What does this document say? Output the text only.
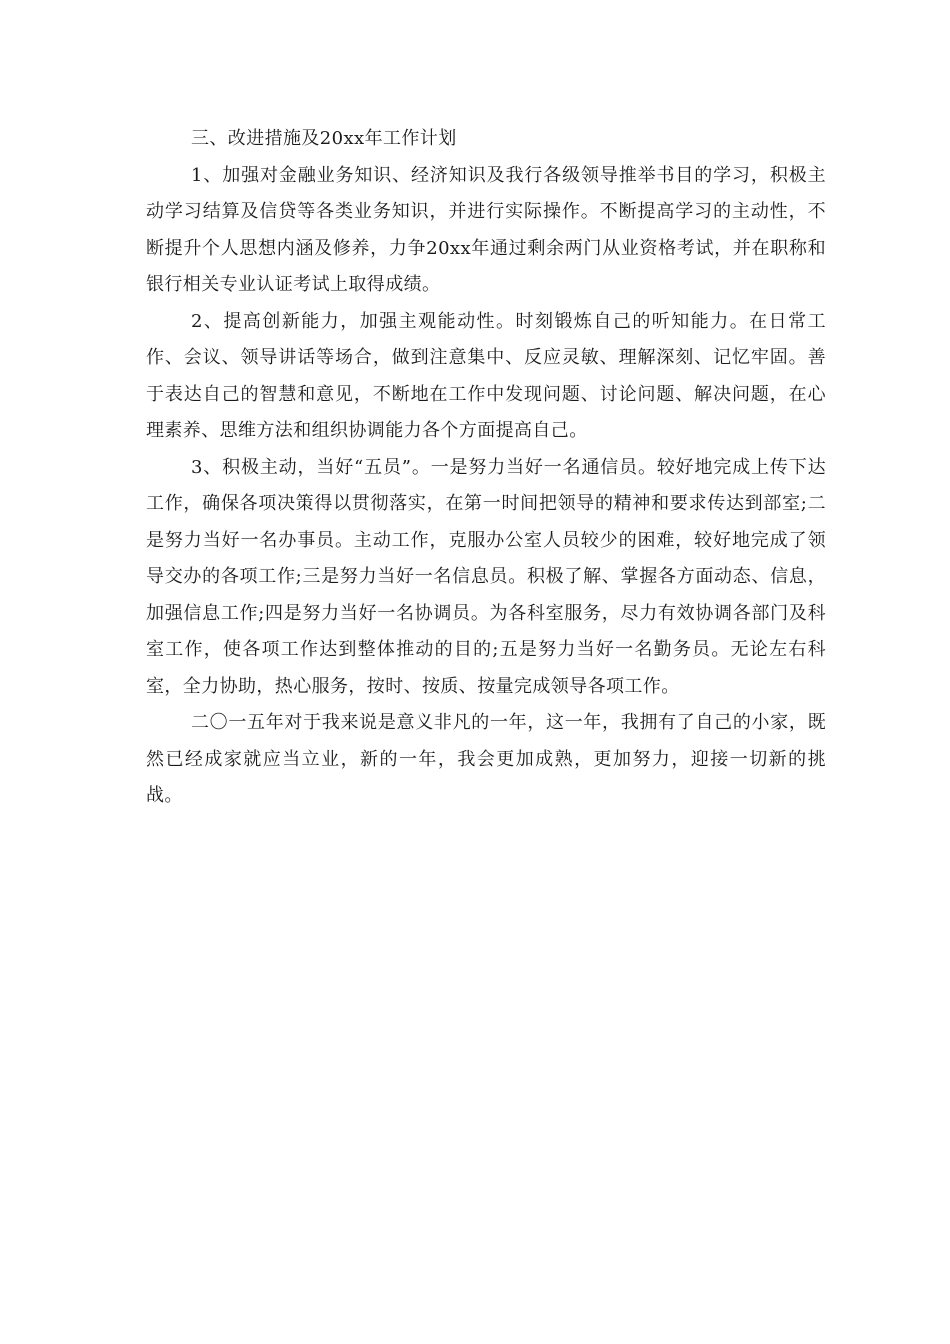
三、改进措施及20xx年工作计划

1、加强对金融业务知识、经济知识及我行各级领导推举书目的学习，积极主动学习结算及信贷等各类业务知识，并进行实际操作。不断提高学习的主动性，不断提升个人思想内涵及修养，力争20xx年通过剩余两门从业资格考试，并在职称和银行相关专业认证考试上取得成绩。

2、提高创新能力，加强主观能动性。时刻锻炼自己的听知能力。在日常工作、会议、领导讲话等场合，做到注意集中、反应灵敏、理解深刻、记忆牢固。善于表达自己的智慧和意见，不断地在工作中发现问题、讨论问题、解决问题，在心理素养、思维方法和组织协调能力各个方面提高自己。

3、积极主动，当好“五员”。一是努力当好一名通信员。较好地完成上传下达工作，确保各项决策得以贯彻落实，在第一时间把领导的精神和要求传达到部室;二是努力当好一名办事员。主动工作，克服办公室人员较少的困难，较好地完成了领导交办的各项工作;三是努力当好一名信息员。积极了解、掌握各方面动态、信息，加强信息工作;四是努力当好一名协调员。为各科室服务，尽力有效协调各部门及科室工作，使各项工作达到整体推动的目的;五是努力当好一名勤务员。无论左右科室，全力协助，热心服务，按时、按质、按量完成领导各项工作。

二〇一五年对于我来说是意义非凡的一年，这一年，我拥有了自己的小家，既然已经成家就应当立业，新的一年，我会更加成熟，更加努力，迎接一切新的挑战。
